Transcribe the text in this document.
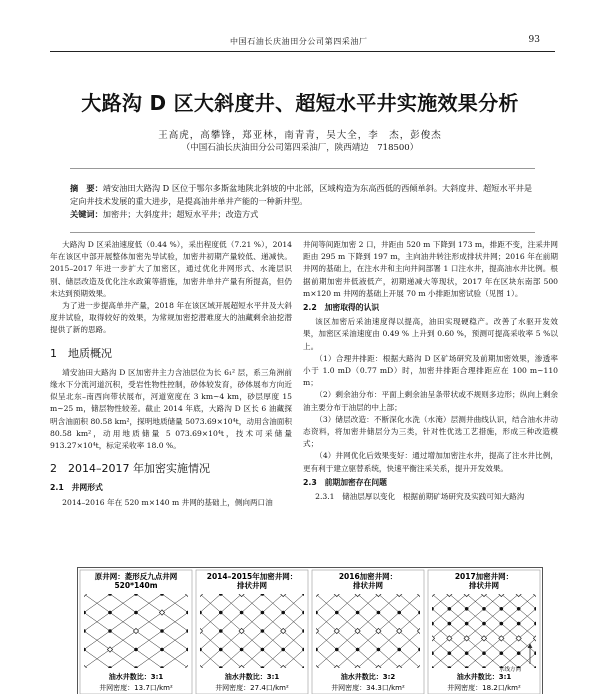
中国石油长庆油田分公司第四采油厂	93
大路沟 D 区大斜度井、超短水平井实施效果分析
王高虎，高攀锋，郑亚林，南青青，吴大全，李　杰，彭俊杰
（中国石油长庆油田分公司第四采油厂，陕西靖边　718500）
摘　要：靖安油田大路沟 D 区位于鄂尔多斯盆地陕北斜坡的中北部，区域构造为东高西低的西倾单斜。大斜度井、超短水平井是定向井技术发展的重大进步，是提高油井单井产能的一种新井型。
关键词：加密井；大斜度井；超短水平井；改造方式

大路沟 D 区采油速度低（0.44 %），采出程度低（7.21 %），2014 年在该区中部开展整体加密先导试验，加密井初期产量较低、递减快。2015–2017 年进一步扩大了加密区，通过优化井网形式、水淹层识别、储层改造及优化注水政策等措施，加密井单井产量有所提高，但仍未达到预期效果。

为了进一步提高单井产量，2018 年在该区域开展超短水平井及大斜度井试验，取得较好的效果，为常规加密挖潜难度大的油藏剩余油挖潜提供了新的思路。

1　地质概况

靖安油田大路沟 D 区加密井主力含油层位为长 6₁² 层，系三角洲前缘水下分流河道沉积，受岩性物性控制，砂体较发育，砂体展布方向近似呈北东–南西向带状展布，河道宽度在 3 km~4 km，砂层厚度 15 m~25 m，储层物性较差。截止 2014 年底，大路沟 D 区长 6 油藏探明含油面积 80.58 km²，探明地质储量 5073.69×10⁴t，动用含油面积 80.58 km²，动用地质储量 5 073.69×10⁴t，技术可采储量 913.27×10⁴t，标定采收率 18.0 %。

2　2014–2017 年加密实施情况
2.1　井网形式

2014–2016 年在 520 m×140 m 井网的基础上，侧向两口油

井间等间距加密 2 口，井距由 520 m 下降到 173 m，排距不变，注采井网距由 295 m 下降到 197 m，主向油井转注形成排状井网；2016 年在前期井网的基础上，在注水井和主向井间部署 1 口注水井，提高油水井比例。根据前期加密井低液低产，初期递减大等现状，2017 年在区块东南部 500 m×120 m 井网的基础上开展 70 m 小排距加密试验（见图 1）。

2.2　加密取得的认识

该区加密后采油速度得以提高，油田实现硬稳产。改善了水驱开发效果，加密区采油速度由 0.49 % 上升到 0.60 %，预测可提高采收率 5 %以上。

（1）合理井排距：根据大路沟 D 区矿场研究及前期加密效果，渗透率小于 1.0 mD（0.77 mD）时，加密井排距合理排距应在 100 m~110 m；

（2）剩余油分布：平面上剩余油呈条带状或不规则多边形；纵向上剩余油主要分布于油层的中上部；

（3）储层改造：不断深化水洗（水淹）层测井曲线认识，结合油水井动态资料，将加密井储层分为三类，针对性优选工艺措施，形成三种改造模式；

（4）井网优化后效果变好：通过增加加密注水井，提高了注水井比例，更有利于建立驱替系统，快速平衡注采关系，提升开发效果。

2.3　前期加密存在问题

2.3.1　储油层厚以变化　根据前期矿场研究及实践可知大路沟

原井网：菱形反九点井网
520*140m
油水井数比：3:1
井网密度：13.7口/km²
2014–2015年加密井网：
排状井网
油水井数比：3:1
井网密度：27.4口/km²
2016加密井网：
排状井网
油水井数比：3:2
井网密度：34.3口/km²
2017加密井网：
排状井网
水线方向
油水井数比：3:1
井网密度：18.2口/km²
